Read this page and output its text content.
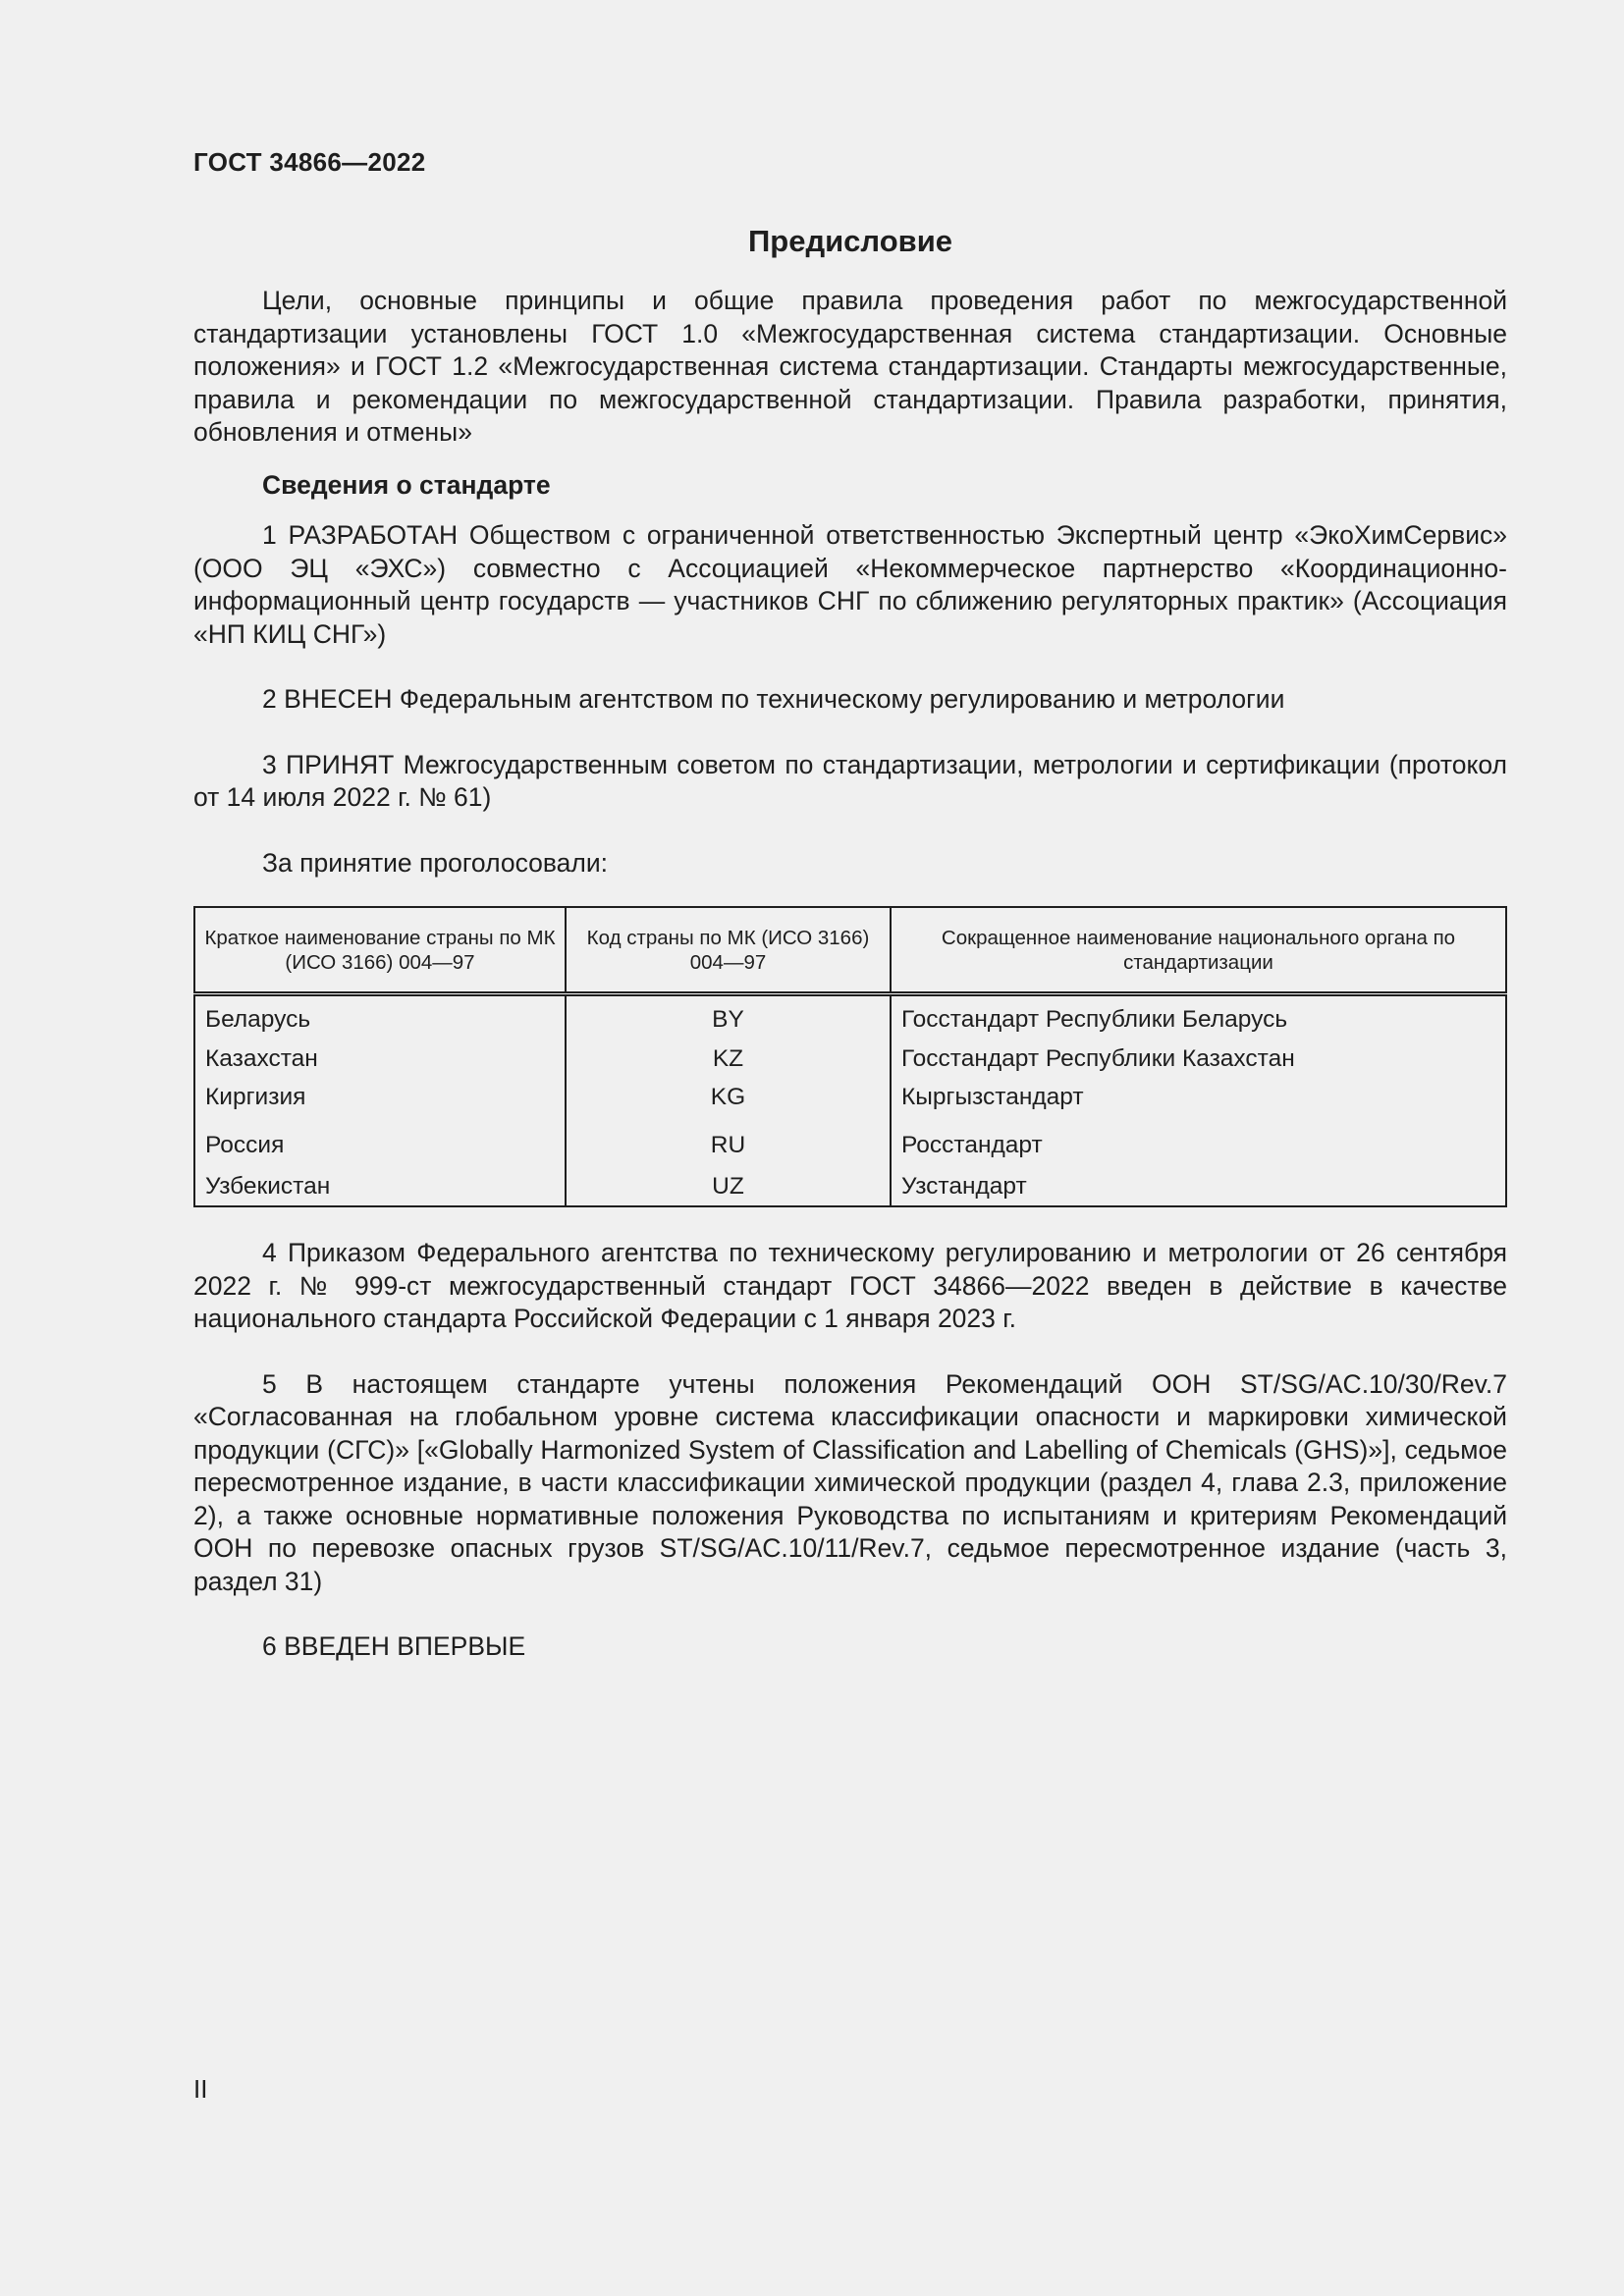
ГОСТ 34866—2022
Предисловие

Цели, основные принципы и общие правила проведения работ по межгосударственной стандартизации установлены ГОСТ 1.0 «Межгосударственная система стандартизации. Основные положения» и ГОСТ 1.2 «Межгосударственная система стандартизации. Стандарты межгосударственные, правила и рекомендации по межгосударственной стандартизации. Правила разработки, принятия, обновления и отмены»

Сведения о стандарте

1 РАЗРАБОТАН Обществом с ограниченной ответственностью Экспертный центр «ЭкоХимСервис» (ООО ЭЦ «ЭХС») совместно с Ассоциацией «Некоммерческое партнерство «Координационно-информационный центр государств — участников СНГ по сближению регуляторных практик» (Ассоциация «НП КИЦ СНГ»)

2 ВНЕСЕН Федеральным агентством по техническому регулированию и метрологии

3 ПРИНЯТ Межгосударственным советом по стандартизации, метрологии и сертификации (протокол от 14 июля 2022 г. № 61)

За принятие проголосовали:

Краткое наименование страны по МК (ИСО 3166) 004—97	Код страны по МК (ИСО 3166) 004—97	Сокращенное наименование национального органа по стандартизации
Беларусь	BY	Госстандарт Республики Беларусь
Казахстан	KZ	Госстандарт Республики Казахстан
Киргизия	KG	Кыргызстандарт
Россия	RU	Росстандарт
Узбекистан	UZ	Узстандарт

4 Приказом Федерального агентства по техническому регулированию и метрологии от 26 сентября 2022 г. № 999-ст межгосударственный стандарт ГОСТ 34866—2022 введен в действие в качестве национального стандарта Российской Федерации с 1 января 2023 г.

5 В настоящем стандарте учтены положения Рекомендаций ООН ST/SG/AC.10/30/Rev.7 «Согласованная на глобальном уровне система классификации опасности и маркировки химической продукции (СГС)» [«Globally Harmonized System of Classification and Labelling of Chemicals (GHS)»], седьмое пересмотренное издание, в части классификации химической продукции (раздел 4, глава 2.3, приложение 2), а также основные нормативные положения Руководства по испытаниям и критериям Рекомендаций ООН по перевозке опасных грузов ST/SG/AC.10/11/Rev.7, седьмое пересмотренное издание (часть 3, раздел 31)

6 ВВЕДЕН ВПЕРВЫЕ

II
